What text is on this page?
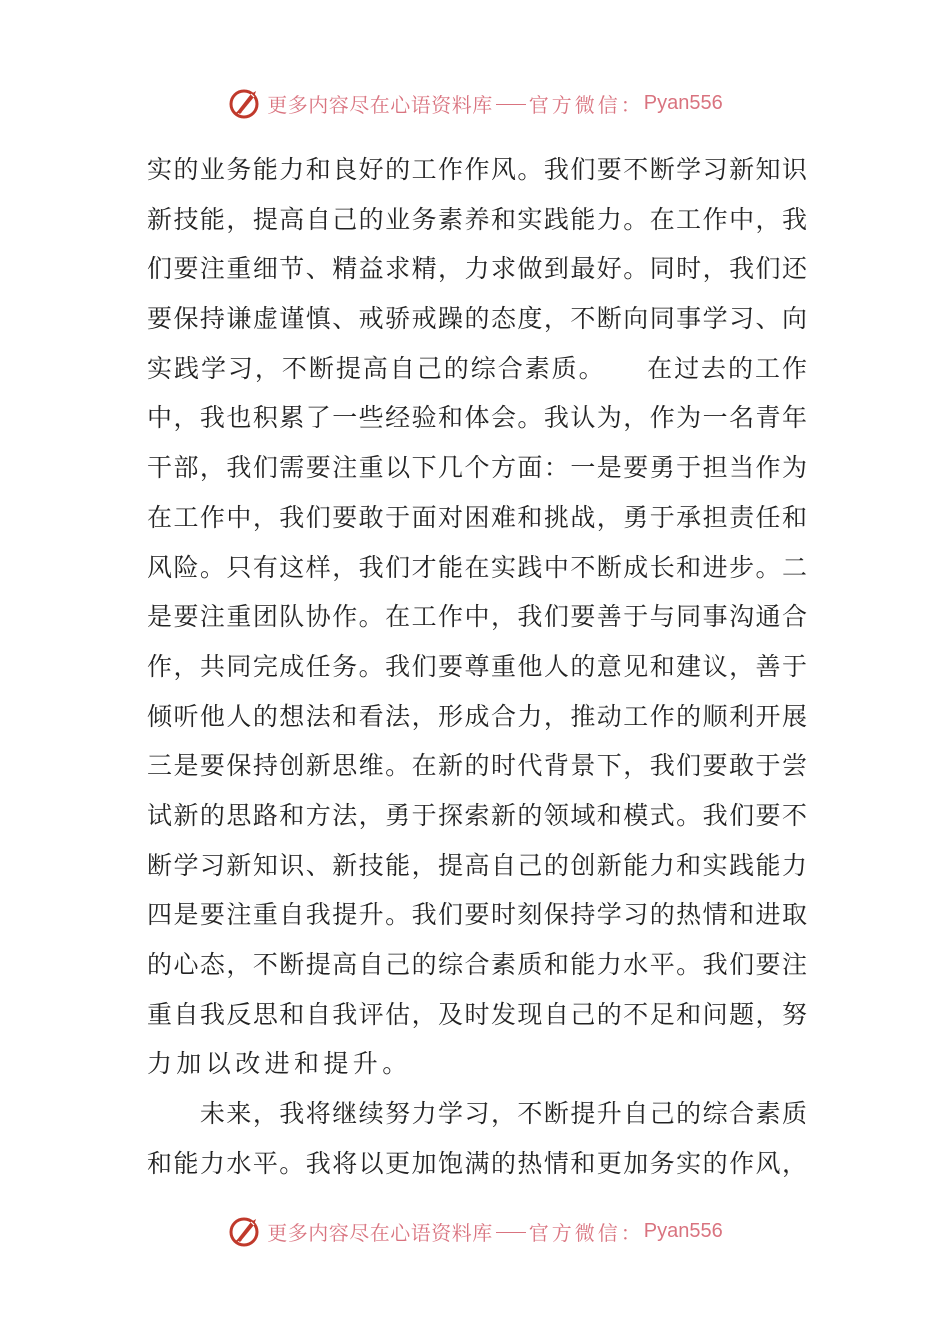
更多内容尽在心语资料库 官方微信： Pyan556
实的业务能力和良好的工作作风。我们要不断学习新知识
新技能，提高自己的业务素养和实践能力。在工作中，我
们要注重细节、精益求精，力求做到最好。同时，我们还
要保持谦虚谨慎、戒骄戒躁的态度，不断向同事学习、向
实践学习，不断提高自己的综合素质。　　在过去的工作
中，我也积累了一些经验和体会。我认为，作为一名青年
干部，我们需要注重以下几个方面：一是要勇于担当作为
在工作中，我们要敢于面对困难和挑战，勇于承担责任和
风险。只有这样，我们才能在实践中不断成长和进步。二
是要注重团队协作。在工作中，我们要善于与同事沟通合
作，共同完成任务。我们要尊重他人的意见和建议，善于
倾听他人的想法和看法，形成合力，推动工作的顺利开展
三是要保持创新思维。在新的时代背景下，我们要敢于尝
试新的思路和方法，勇于探索新的领域和模式。我们要不
断学习新知识、新技能，提高自己的创新能力和实践能力
四是要注重自我提升。我们要时刻保持学习的热情和进取
的心态，不断提高自己的综合素质和能力水平。我们要注
重自我反思和自我评估，及时发现自己的不足和问题，努
力加以改进和提升。
　　未来，我将继续努力学习，不断提升自己的综合素质
和能力水平。我将以更加饱满的热情和更加务实的作风，
更多内容尽在心语资料库 官方微信： Pyan556
